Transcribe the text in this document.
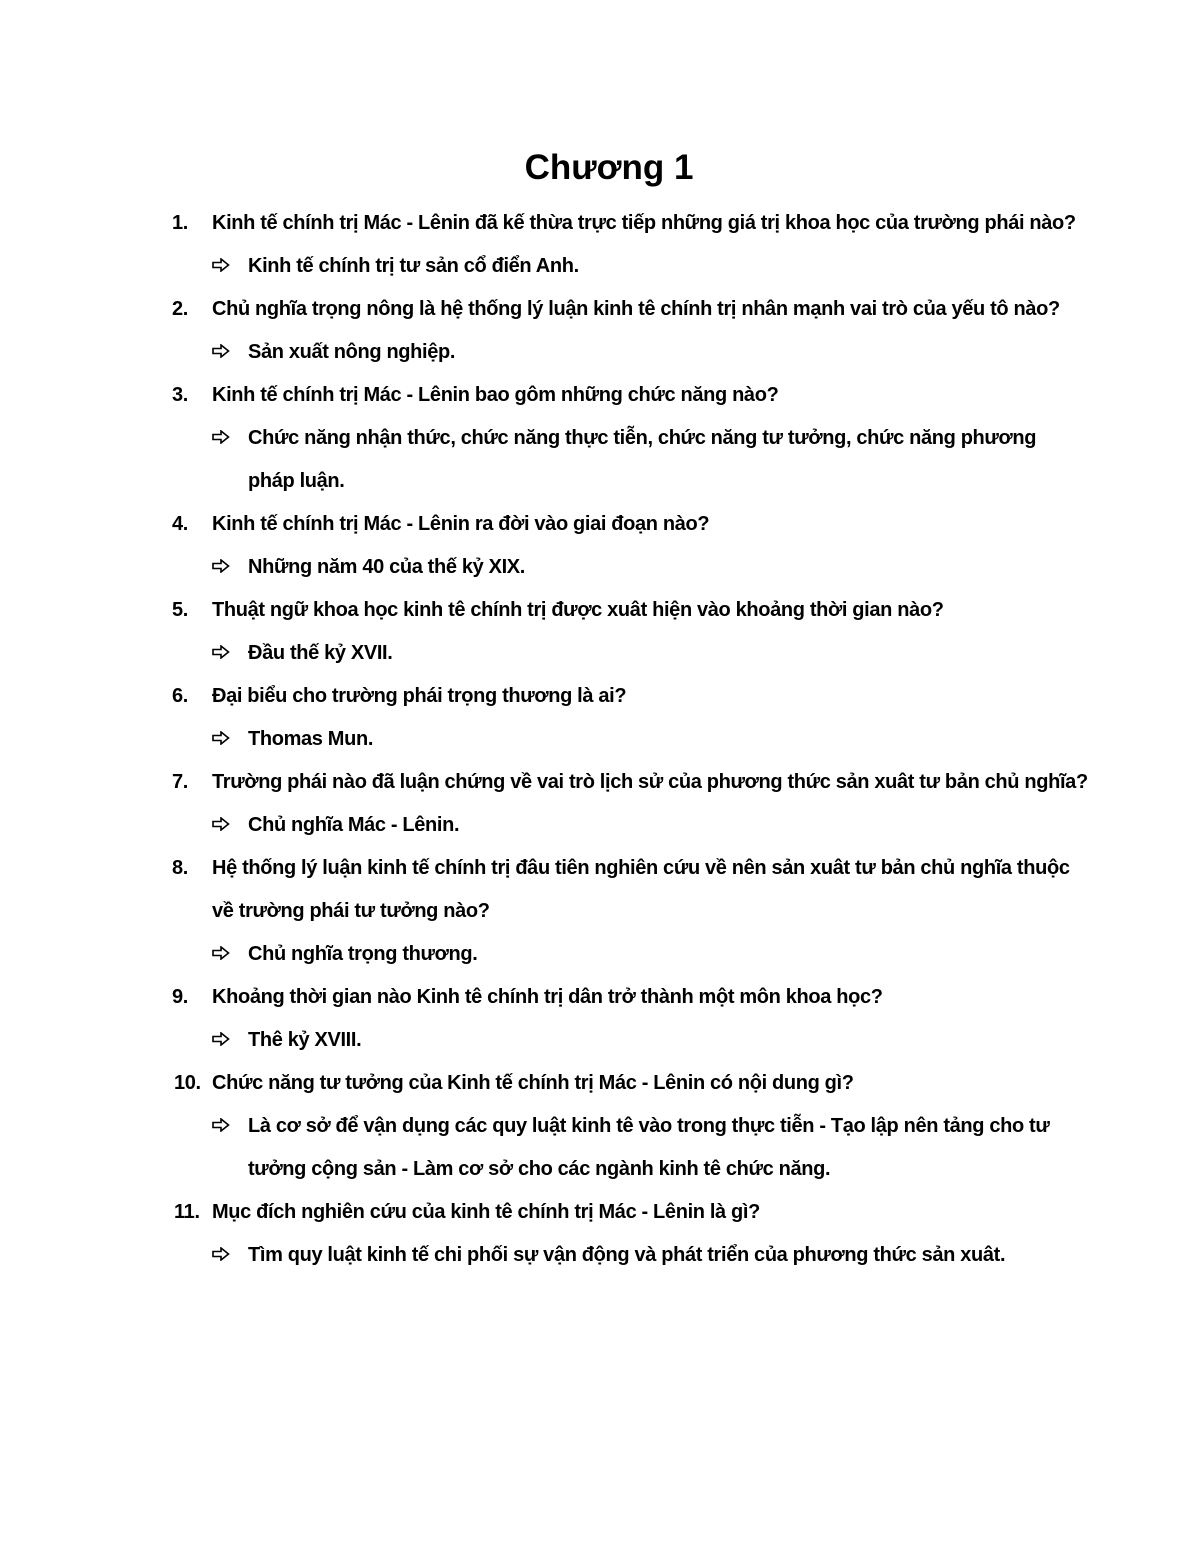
Chương 1
1.	Kinh tế chính trị Mác - Lênin đã kế thừa trực tiếp những giá trị khoa học của trường phái nào?
Kinh tế chính trị tư sản cổ điển Anh.
2.	Chủ nghĩa trọng nông là hệ thống lý luận kinh tê chính trị nhân mạnh vai trò của yếu tô nào?
Sản xuất nông nghiệp.
3.	Kinh tế chính trị Mác - Lênin bao gôm những chức năng nào?
Chức năng nhận thức, chức năng thực tiễn, chức năng tư tưởng, chức năng phương pháp luận.
4.	Kinh tế chính trị Mác - Lênin ra đời vào giai đoạn nào?
Những năm 40 của thế kỷ XIX.
5.	Thuật ngữ khoa học kinh tê chính trị được xuât hiện vào khoảng thời gian nào?
Đầu thế kỷ XVII.
6.	Đại biểu cho trường phái trọng thương là ai?
Thomas Mun.
7.	Trường phái nào đã luận chứng về vai trò lịch sử của phương thức sản xuât tư bản chủ nghĩa?
Chủ nghĩa Mác - Lênin.
8.	Hệ thống lý luận kinh tế chính trị đâu tiên nghiên cứu về nên sản xuât tư bản chủ nghĩa thuộc về trường phái tư tưởng nào?
Chủ nghĩa trọng thương.
9.	Khoảng thời gian nào Kinh tê chính trị dân trở thành một môn khoa học?
Thê kỷ XVIII.
10. Chức năng tư tưởng của Kinh tế chính trị Mác - Lênin có nội dung gì?
Là cơ sở để vận dụng các quy luật kinh tê vào trong thực tiễn - Tạo lập nên tảng cho tư tưởng cộng sản - Làm cơ sở cho các ngành kinh tê chức năng.
11. Mục đích nghiên cứu của kinh tê chính trị Mác - Lênin là gì?
Tìm quy luật kinh tế chi phối sự vận động và phát triển của phương thức sản xuât.
